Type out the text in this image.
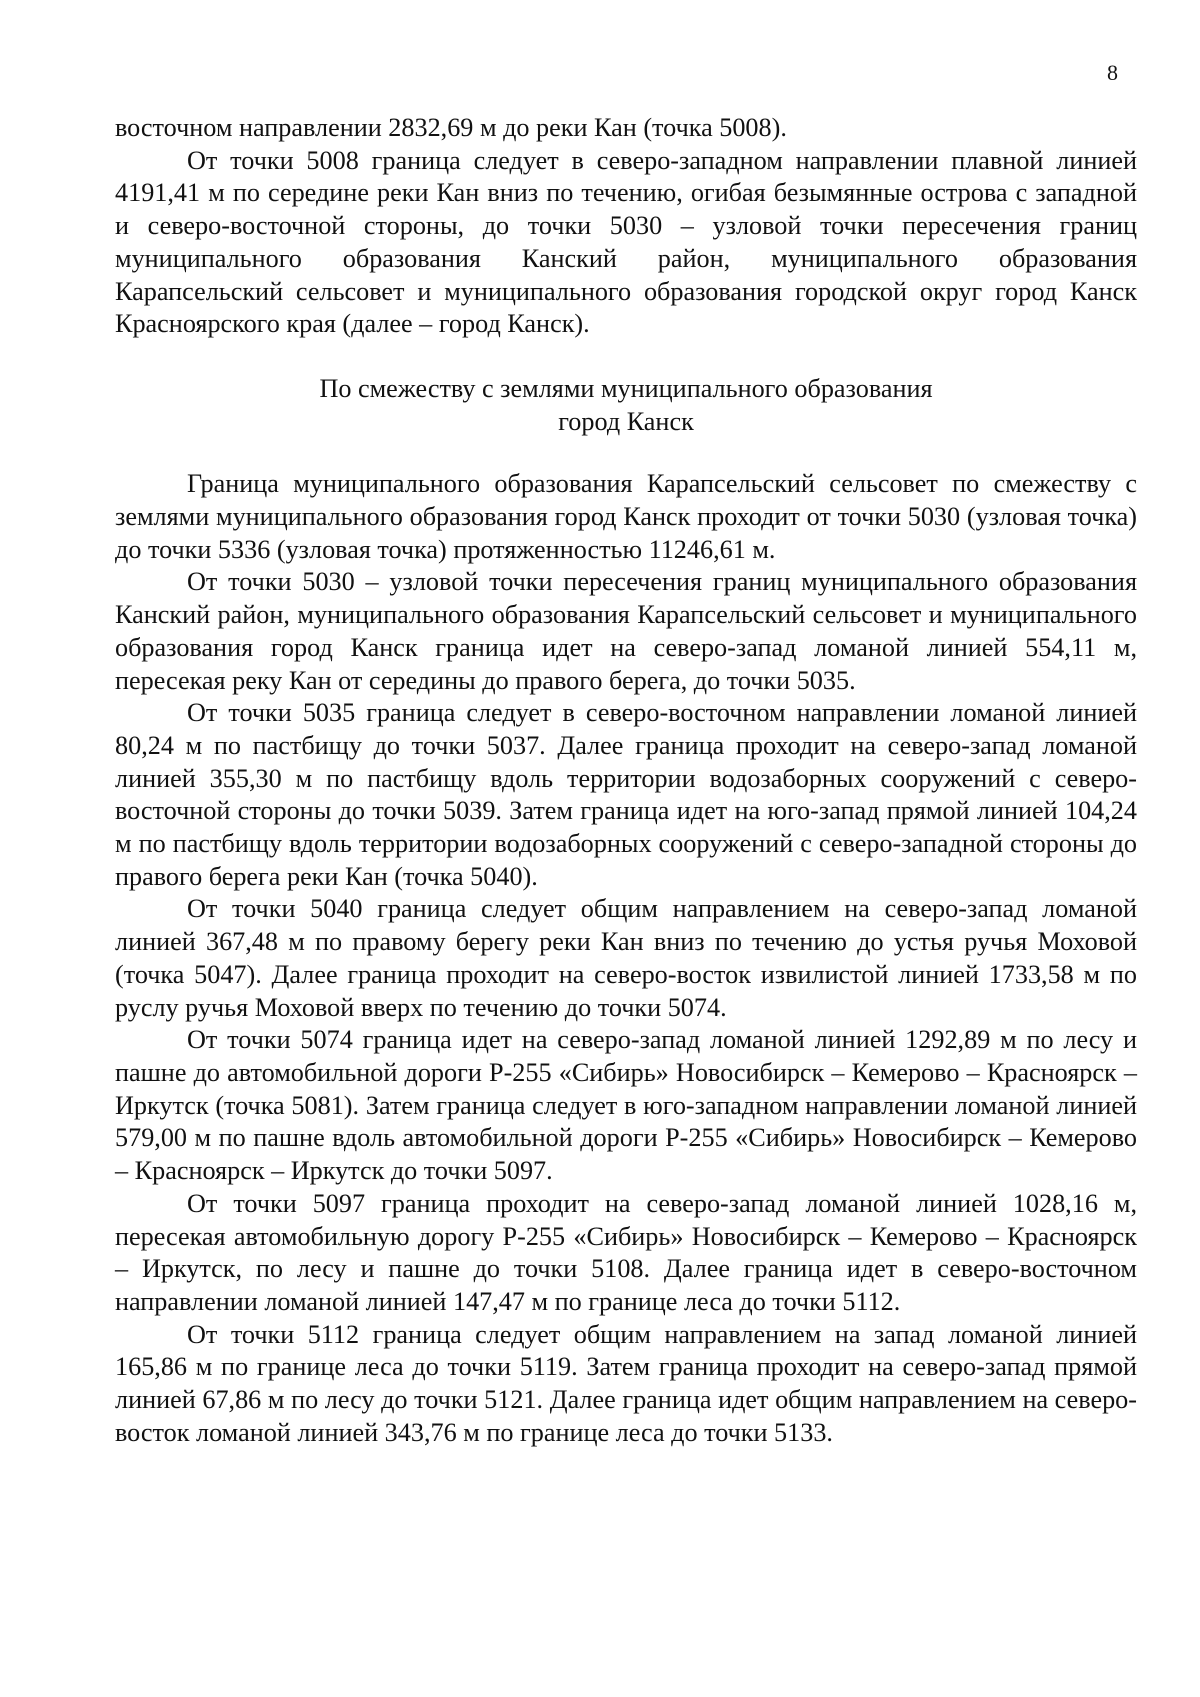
8

восточном направлении 2832,69 м до реки Кан (точка 5008).

От точки 5008 граница следует в северо-западном направлении плавной линией 4191,41 м по середине реки Кан вниз по течению, огибая безымянные острова с западной и северо-восточной стороны, до точки 5030 – узловой точки пересечения границ муниципального образования Канский район, муниципального образования Карапсельский сельсовет и муниципального образования городской округ город Канск Красноярского края (далее – город Канск).

По смежеству с землями муниципального образования
город Канск

Граница муниципального образования Карапсельский сельсовет по смежеству с землями муниципального образования город Канск проходит от точки 5030 (узловая точка) до точки 5336 (узловая точка) протяженностью 11246,61 м.

От точки 5030 – узловой точки пересечения границ муниципального образования Канский район, муниципального образования Карапсельский сельсовет и муниципального образования город Канск граница идет на северо-запад ломаной линией 554,11 м, пересекая реку Кан от середины до правого берега, до точки 5035.

От точки 5035 граница следует в северо-восточном направлении ломаной линией 80,24 м по пастбищу до точки 5037. Далее граница проходит на северо-запад ломаной линией 355,30 м по пастбищу вдоль территории водозаборных сооружений с северо-восточной стороны до точки 5039. Затем граница идет на юго-запад прямой линией 104,24 м по пастбищу вдоль территории водозаборных сооружений с северо-западной стороны до правого берега реки Кан (точка 5040).

От точки 5040 граница следует общим направлением на северо-запад ломаной линией 367,48 м по правому берегу реки Кан вниз по течению до устья ручья Моховой (точка 5047). Далее граница проходит на северо-восток извилистой линией 1733,58 м по руслу ручья Моховой вверх по течению до точки 5074.

От точки 5074 граница идет на северо-запад ломаной линией 1292,89 м по лесу и пашне до автомобильной дороги Р-255 «Сибирь» Новосибирск – Кемерово – Красноярск – Иркутск (точка 5081). Затем граница следует в юго-западном направлении ломаной линией 579,00 м по пашне вдоль автомобильной дороги Р-255 «Сибирь» Новосибирск – Кемерово – Красноярск – Иркутск до точки 5097.

От точки 5097 граница проходит на северо-запад ломаной линией 1028,16 м, пересекая автомобильную дорогу Р-255 «Сибирь» Новосибирск – Кемерово – Красноярск – Иркутск, по лесу и пашне до точки 5108. Далее граница идет в северо-восточном направлении ломаной линией 147,47 м по границе леса до точки 5112.

От точки 5112 граница следует общим направлением на запад ломаной линией 165,86 м по границе леса до точки 5119. Затем граница проходит на северо-запад прямой линией 67,86 м по лесу до точки 5121. Далее граница идет общим направлением на северо-восток ломаной линией 343,76 м по границе леса до точки 5133.
